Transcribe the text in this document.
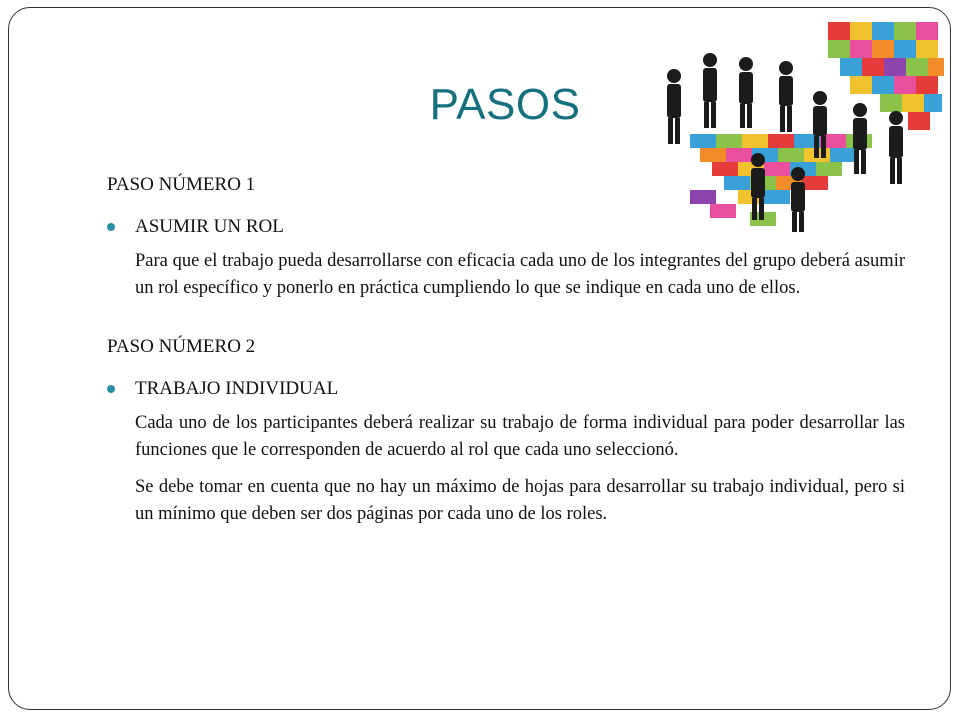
PASOS

PASO NÚMERO 1

ASUMIR UN ROL

Para que el trabajo pueda desarrollarse con eficacia cada uno de los integrantes del grupo deberá asumir un rol específico y ponerlo en práctica cumpliendo lo que se indique en cada uno de ellos.

PASO NÚMERO 2

TRABAJO INDIVIDUAL

Cada uno de los participantes deberá realizar su trabajo de forma individual para poder desarrollar las funciones que le corresponden de acuerdo al rol que cada uno seleccionó.

Se debe tomar en cuenta que no hay un máximo de hojas para desarrollar su trabajo individual, pero si un mínimo que deben ser dos páginas por cada uno de los roles.
